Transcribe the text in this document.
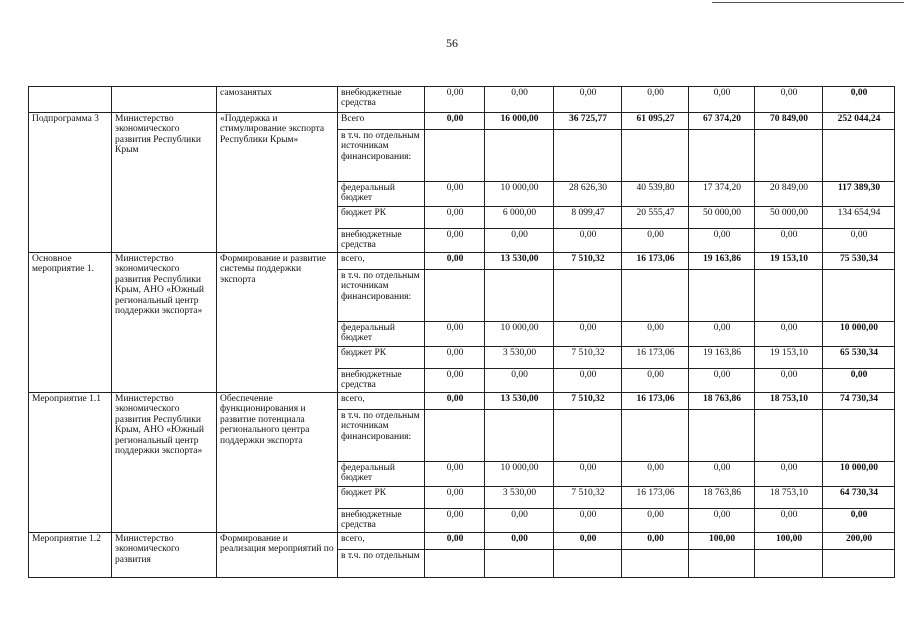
56
		самозанятых	внебюджетные средства	0,00	0,00	0,00	0,00	0,00	0,00	0,00
Подпрограмма 3	Министерство экономического развития Республики Крым	«Поддержка и стимулирование экспорта Республики Крым»	Всего	0,00	16 000,00	36 725,77	61 095,27	67 374,20	70 849,00	252 044,24
			в т.ч. по отдельным источникам финансирования:							
			федеральный бюджет	0,00	10 000,00	28 626,30	40 539,80	17 374,20	20 849,00	117 389,30
			бюджет РК	0,00	6 000,00	8 099,47	20 555,47	50 000,00	50 000,00	134 654,94
			внебюджетные средства	0,00	0,00	0,00	0,00	0,00	0,00	0,00
Основное мероприятие 1.	Министерство экономического развития Республики Крым, АНО «Южный региональный центр поддержки экспорта»	Формирование и развитие системы поддержки экспорта	всего,	0,00	13 530,00	7 510,32	16 173,06	19 163,86	19 153,10	75 530,34
			в т.ч. по отдельным источникам финансирования:							
			федеральный бюджет	0,00	10 000,00	0,00	0,00	0,00	0,00	10 000,00
			бюджет РК	0,00	3 530,00	7 510,32	16 173,06	19 163,86	19 153,10	65 530,34
			внебюджетные средства	0,00	0,00	0,00	0,00	0,00	0,00	0,00
Мероприятие 1.1	Министерство экономического развития Республики Крым, АНО «Южный региональный центр поддержки экспорта»	Обеспечение функционирования и развитие потенциала регионального центра поддержки экспорта	всего,	0,00	13 530,00	7 510,32	16 173,06	18 763,86	18 753,10	74 730,34
			в т.ч. по отдельным источникам финансирования:							
			федеральный бюджет	0,00	10 000,00	0,00	0,00	0,00	0,00	10 000,00
			бюджет РК	0,00	3 530,00	7 510,32	16 173,06	18 763,86	18 753,10	64 730,34
			внебюджетные средства	0,00	0,00	0,00	0,00	0,00	0,00	0,00
Мероприятие 1.2	Министерство экономического развития	Формирование и реализация мероприятий по	всего,	0,00	0,00	0,00	0,00	100,00	100,00	200,00
			в т.ч. по отдельным							
